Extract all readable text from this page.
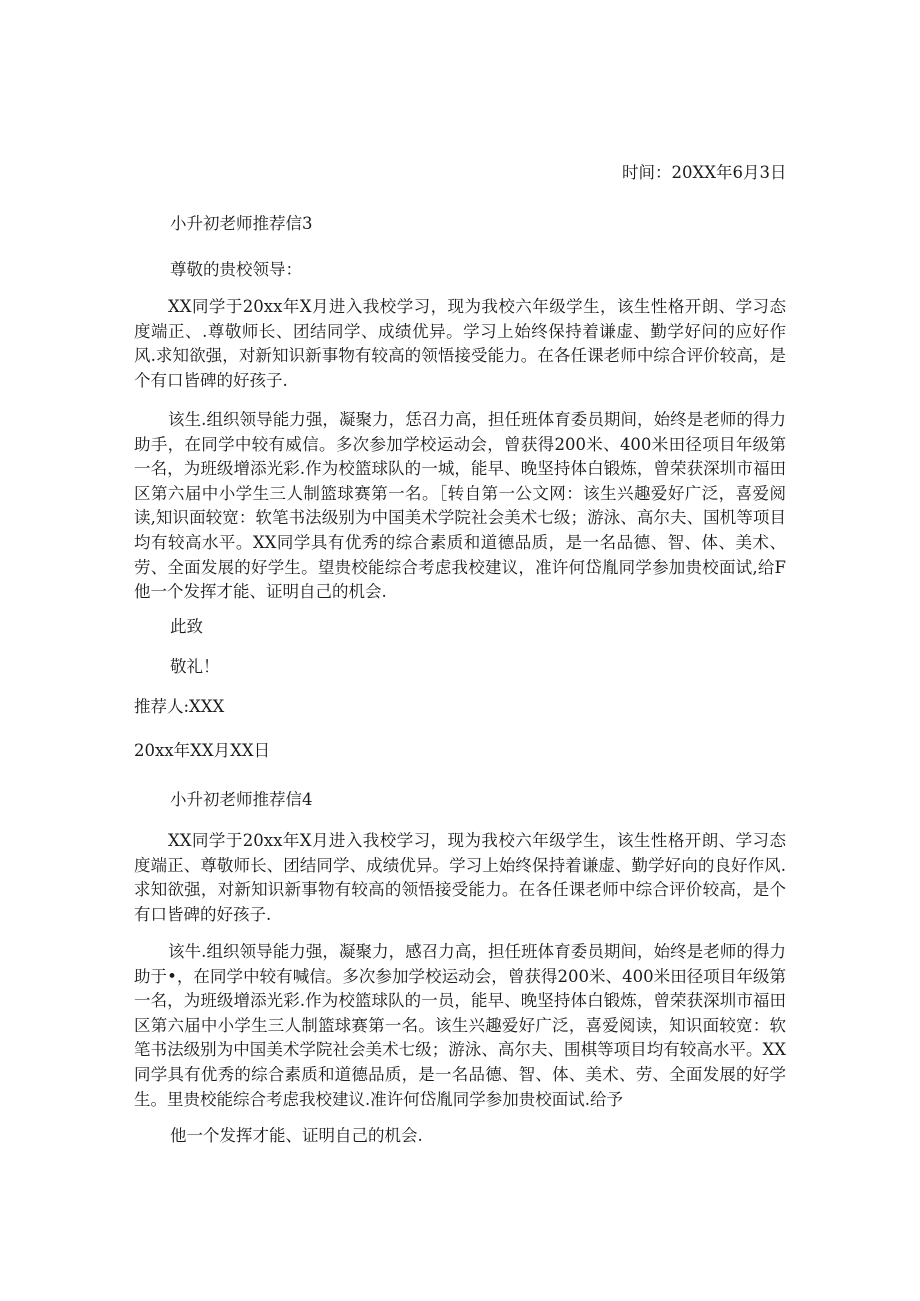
时间：20XX年6月3日

小升初老师推荐信3

尊敬的贵校领导：

XX同学于20xx年X月进入我校学习，现为我校六年级学生，该生性格开朗、学习态度端正、.尊敬师长、团结同学、成绩优异。学习上始终保持着谦虚、勤学好问的应好作风.求知欲强，对新知识新事物有较高的领悟接受能力。在各任课老师中综合评价较高，是个有口皆碑的好孩子.

该生.组织领导能力强，凝聚力，恁召力高，担任班体育委员期间，始终是老师的得力助手，在同学中较有威信。多次参加学校运动会，曾获得200米、400米田径项目年级第一名，为班级增添光彩.作为校篮球队的一城，能早、晚坚持体白锻炼，曾荣获深圳市福田区第六届中小学生三人制篮球赛第一名。［转自第一公文网：该生兴趣爱好广泛，喜爱阅读,知识面较宽：软笔书法级别为中国美术学院社会美术七级；游泳、高尔夫、国机等项目均有较高水平。XX同学具有优秀的综合素质和道德品质，是一名品德、智、体、美术、劳、全面发展的好学生。望贵校能综合考虑我校建议，准许何岱胤同学参加贵校面试,给F他一个发挥才能、证明自己的机会.

此致

敬礼！

推荐人:XXX

20xx年XX月XX日

小升初老师推荐信4

XX同学于20xx年X月进入我校学习，现为我校六年级学生，该生性格开朗、学习态度端正、尊敬师长、团结同学、成绩优异。学习上始终保持着谦虚、勤学好向的良好作风.求知欲强，对新知识新事物有较高的领悟接受能力。在各任课老师中综合评价较高，是个有口皆碑的好孩子.

该牛.组织领导能力强，凝聚力，感召力高，担任班体育委员期间，始终是老师的得力助于•，在同学中较有喊信。多次参加学校运动会，曾获得200米、400米田径项目年级第一名，为班级增添光彩.作为校篮球队的一员，能早、晚坚持体白锻炼，曾荣获深圳市福田区第六届中小学生三人制篮球赛第一名。该生兴趣爱好广泛，喜爱阅读，知识面较宽：软笔书法级别为中国美术学院社会美术七级；游泳、高尔夫、围棋等项目均有较高水平。XX同学具有优秀的综合素质和道德品质，是一名品德、智、体、美术、劳、全面发展的好学生。里贵校能综合考虑我校建议.准许何岱胤同学参加贵校面试.给予

他一个发挥才能、证明自己的机会.
